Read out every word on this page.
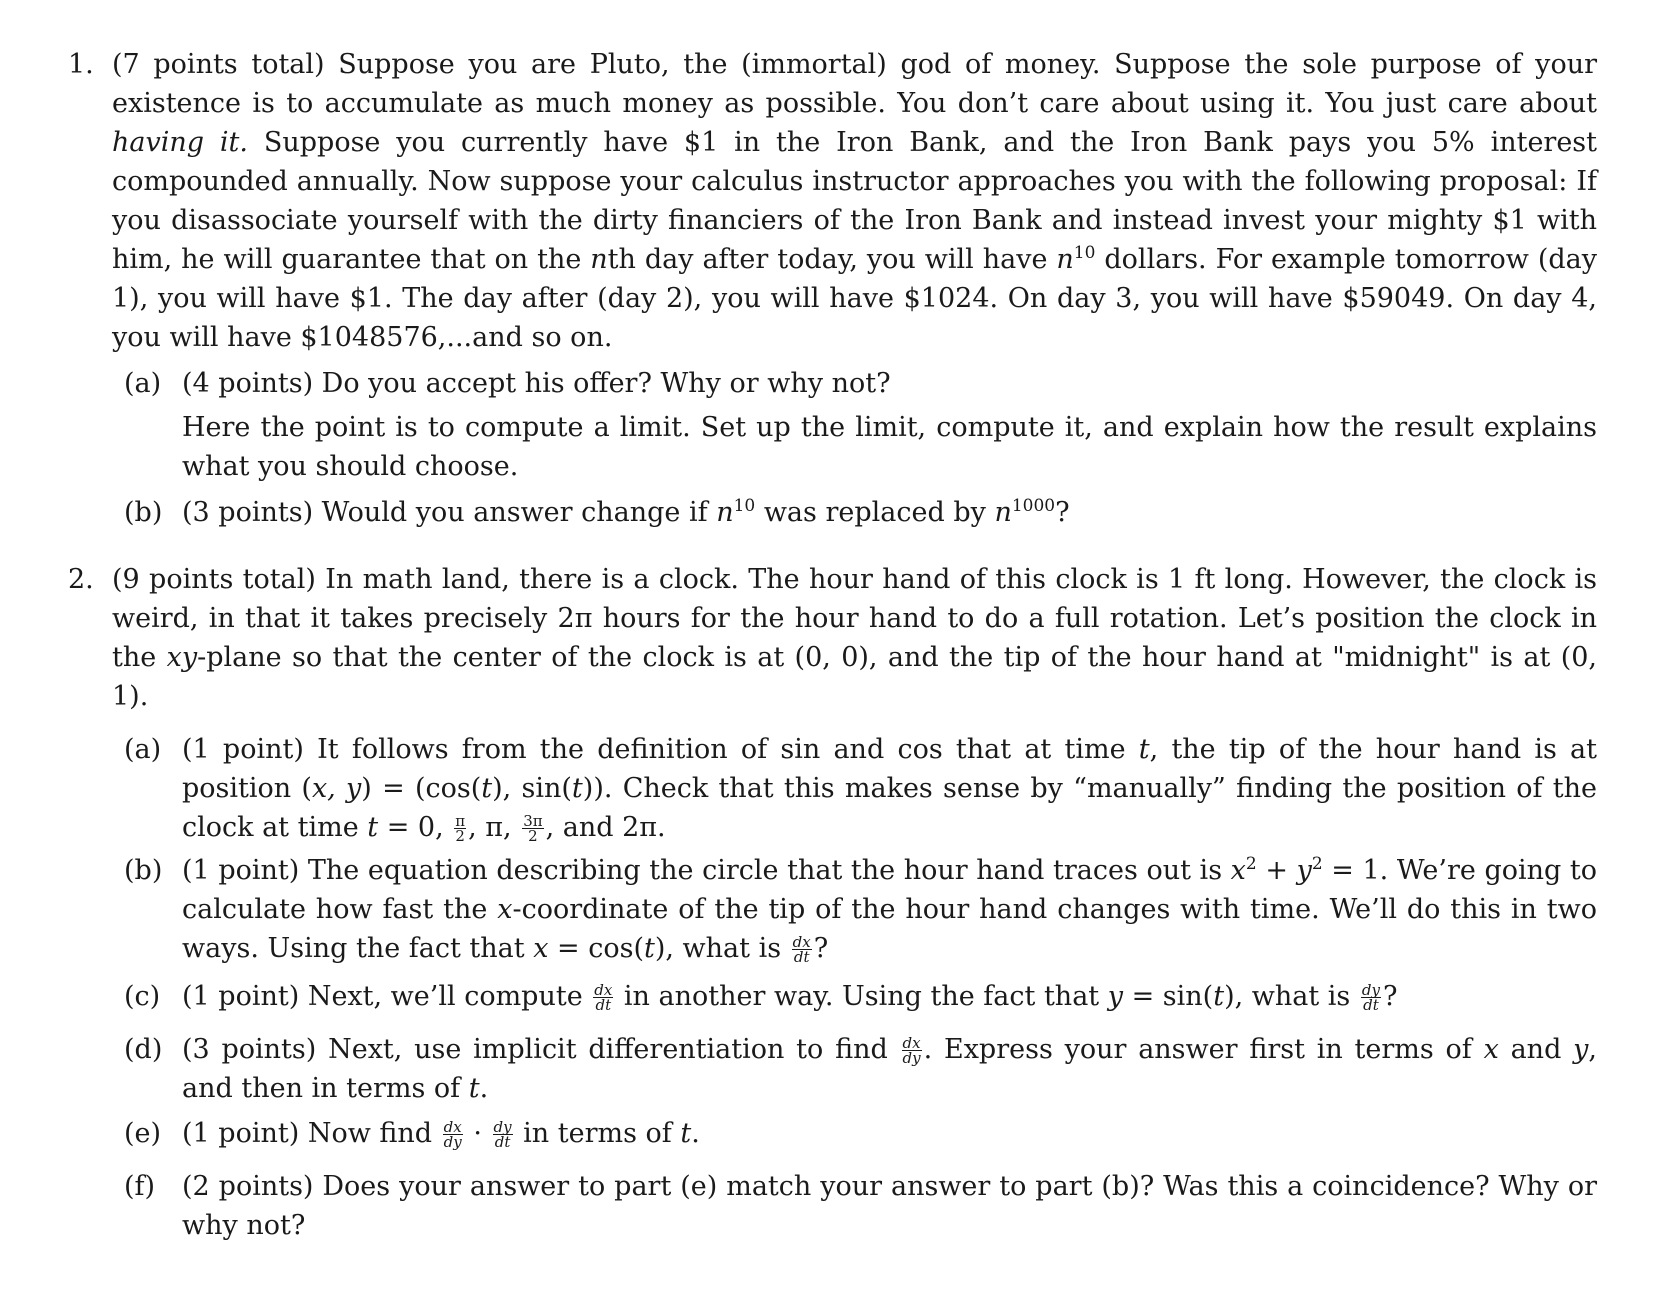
1. (7 points total) Suppose you are Pluto, the (immortal) god of money. Suppose the sole purpose of your existence is to accumulate as much money as possible. You don’t care about using it. You just care about having it. Suppose you currently have $1 in the Iron Bank, and the Iron Bank pays you 5% interest compounded annually. Now suppose your calculus instructor approaches you with the following proposal: If you disassociate yourself with the dirty financiers of the Iron Bank and instead invest your mighty $1 with him, he will guarantee that on the nth day after today, you will have $n^{10}$ dollars. For example tomorrow (day 1), you will have $1. The day after (day 2), you will have $1024. On day 3, you will have $59049. On day 4, you will have $1048576,...and so on.
(a) (4 points) Do you accept his offer? Why or why not?
Here the point is to compute a limit. Set up the limit, compute it, and explain how the result explains what you should choose.
(b) (3 points) Would you answer change if $n^{10}$ was replaced by $n^{1000}$?
2. (9 points total) In math land, there is a clock. The hour hand of this clock is 1 ft long. However, the clock is weird, in that it takes precisely 2π hours for the hour hand to do a full rotation. Let’s position the clock in the xy-plane so that the center of the clock is at (0, 0), and the tip of the hour hand at "midnight" is at (0, 1).
(a) (1 point) It follows from the definition of sin and cos that at time t, the tip of the hour hand is at position (x, y) = (cos(t), sin(t)). Check that this makes sense by “manually” finding the position of the clock at time t = 0, $\frac{\pi}{2}$ , π, $\frac{3\pi}{2}$ , and 2π.
(b) (1 point) The equation describing the circle that the hour hand traces out is $x^2 + y^2 = 1$. We’re going to calculate how fast the x-coordinate of the tip of the hour hand changes with time. We’ll do this in two ways. Using the fact that x = cos(t), what is $\frac{dx}{dt}$ ?
(c) (1 point) Next, we’ll compute $\frac{dx}{dt}$ in another way. Using the fact that y = sin(t), what is $\frac{dy}{dt}$ ?
(d) (3 points) Next, use implicit differentiation to find $\frac{dx}{dy}$ . Express your answer first in terms of x and y, and then in terms of t.
(e) (1 point) Now find $\frac{dx}{dy} \cdot \frac{dy}{dt}$ in terms of t.
(f) (2 points) Does your answer to part (e) match your answer to part (b)? Was this a coincidence? Why or why not?
